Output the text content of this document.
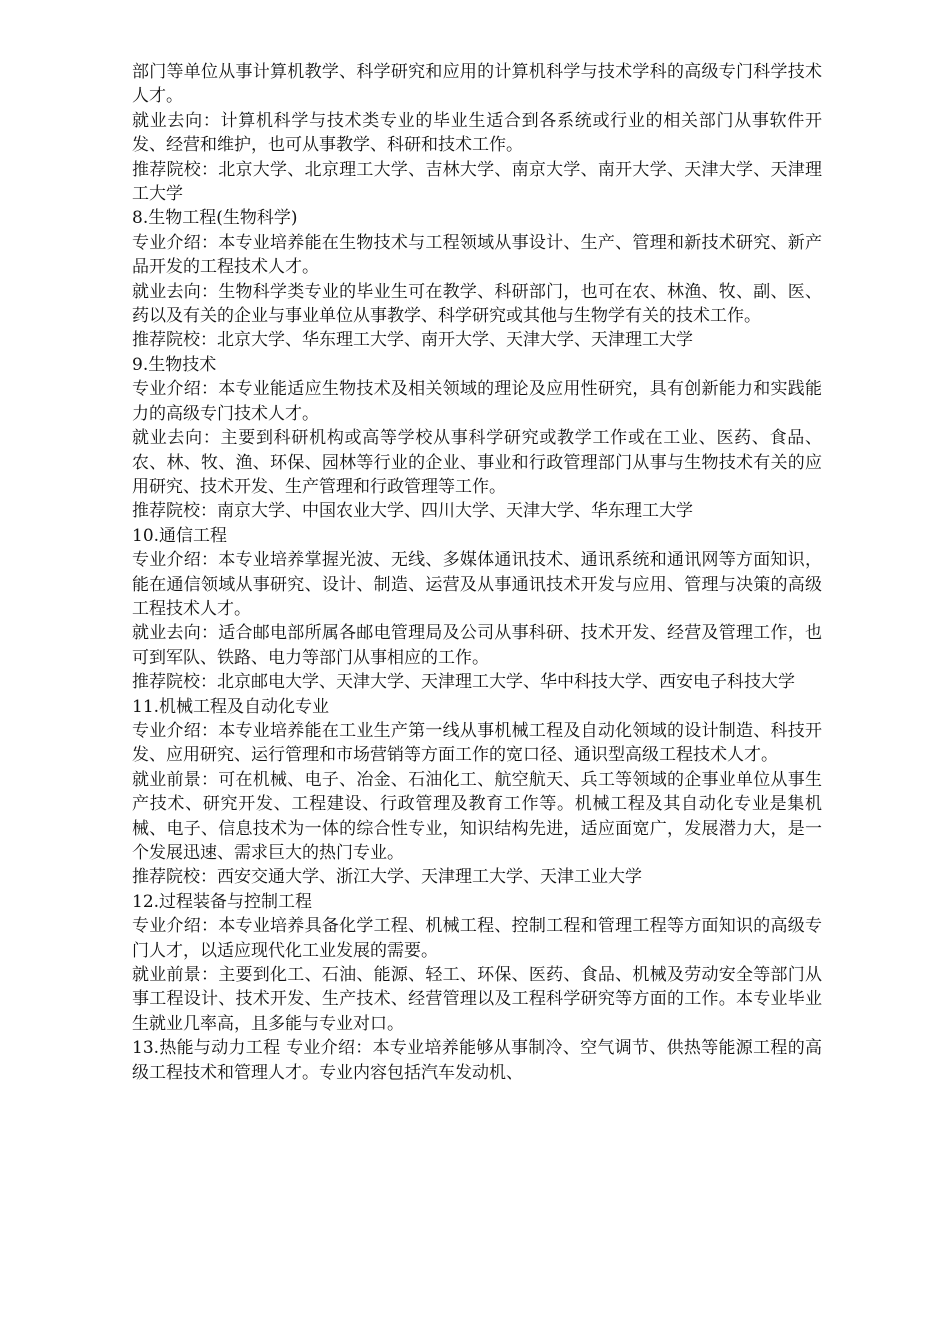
部门等单位从事计算机教学、科学研究和应用的计算机科学与技术学科的高级专门科学技术人才。

就业去向：计算机科学与技术类专业的毕业生适合到各系统或行业的相关部门从事软件开发、经营和维护，也可从事教学、科研和技术工作。

推荐院校：北京大学、北京理工大学、吉林大学、南京大学、南开大学、天津大学、天津理工大学

8.生物工程(生物科学)

专业介绍：本专业培养能在生物技术与工程领域从事设计、生产、管理和新技术研究、新产品开发的工程技术人才。

就业去向：生物科学类专业的毕业生可在教学、科研部门，也可在农、林渔、牧、副、医、药以及有关的企业与事业单位从事教学、科学研究或其他与生物学有关的技术工作。

推荐院校：北京大学、华东理工大学、南开大学、天津大学、天津理工大学

9.生物技术

专业介绍：本专业能适应生物技术及相关领域的理论及应用性研究，具有创新能力和实践能力的高级专门技术人才。

就业去向：主要到科研机构或高等学校从事科学研究或教学工作或在工业、医药、食品、农、林、牧、渔、环保、园林等行业的企业、事业和行政管理部门从事与生物技术有关的应用研究、技术开发、生产管理和行政管理等工作。

推荐院校：南京大学、中国农业大学、四川大学、天津大学、华东理工大学

10.通信工程

专业介绍：本专业培养掌握光波、无线、多媒体通讯技术、通讯系统和通讯网等方面知识，能在通信领域从事研究、设计、制造、运营及从事通讯技术开发与应用、管理与决策的高级工程技术人才。

就业去向：适合邮电部所属各邮电管理局及公司从事科研、技术开发、经营及管理工作，也可到军队、铁路、电力等部门从事相应的工作。

推荐院校：北京邮电大学、天津大学、天津理工大学、华中科技大学、西安电子科技大学

11.机械工程及自动化专业

专业介绍：本专业培养能在工业生产第一线从事机械工程及自动化领域的设计制造、科技开发、应用研究、运行管理和市场营销等方面工作的宽口径、通识型高级工程技术人才。

就业前景：可在机械、电子、冶金、石油化工、航空航天、兵工等领域的企事业单位从事生产技术、研究开发、工程建设、行政管理及教育工作等。机械工程及其自动化专业是集机械、电子、信息技术为一体的综合性专业，知识结构先进，适应面宽广，发展潜力大，是一个发展迅速、需求巨大的热门专业。

推荐院校：西安交通大学、浙江大学、天津理工大学、天津工业大学

12.过程装备与控制工程

专业介绍：本专业培养具备化学工程、机械工程、控制工程和管理工程等方面知识的高级专门人才，以适应现代化工业发展的需要。

就业前景：主要到化工、石油、能源、轻工、环保、医药、食品、机械及劳动安全等部门从事工程设计、技术开发、生产技术、经营管理以及工程科学研究等方面的工作。本专业毕业生就业几率高，且多能与专业对口。

13.热能与动力工程 专业介绍：本专业培养能够从事制冷、空气调节、供热等能源工程的高级工程技术和管理人才。专业内容包括汽车发动机、
